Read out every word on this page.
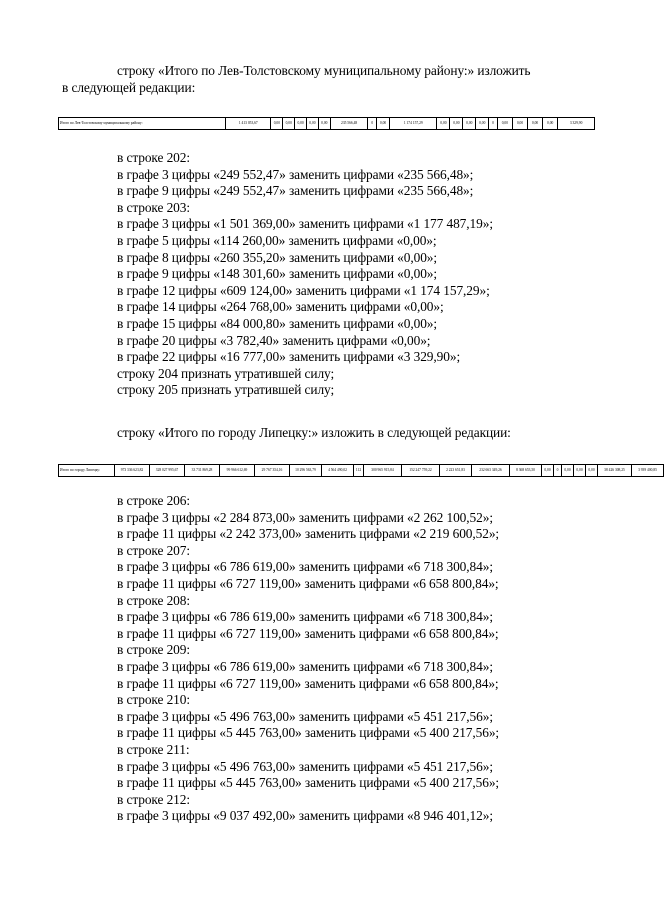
строку «Итого по Лев-Толстовскому муниципальному району:» изложить
в следующей редакции:
Итого по Лев-Толстовскому муниципальному району:	1 413 053,67	0,00	0,00	0,00	0,00	0,00	235 566,48	0	0,00	1 174 157,29	0,00	0,00	0,00	0,00	0	0,00	0,00	0,00	0,00	3 329,90
в строке 202:
в графе 3 цифры «249 552,47» заменить цифрами «235 566,48»;
в графе 9 цифры «249 552,47» заменить цифрами «235 566,48»;
в строке 203:
в графе 3 цифры «1 501 369,00» заменить цифрами «1 177 487,19»;
в графе 5 цифры «114 260,00» заменить цифрами «0,00»;
в графе 8 цифры «260 355,20» заменить цифрами «0,00»;
в графе 9 цифры «148 301,60» заменить цифрами «0,00»;
в графе 12 цифры «609 124,00» заменить цифрами «1 174 157,29»;
в графе 14 цифры «264 768,00» заменить цифрами «0,00»;
в графе 15 цифры «84 000,80» заменить цифрами «0,00»;
в графе 20 цифры «3 782,40» заменить цифрами «0,00»;
в графе 22 цифры «16 777,00» заменить цифрами «3 329,90»;
строку 204 признать утратившей силу;
строку 205 признать утратившей силу;
строку «Итого по городу Липецку:» изложить в следующей редакции:
Итого по городу Липецку:	973 336 623,82	328 027 995,67	33 731 869,28	99 966 612,69	29 767 354,16	10 296 563,79	4 564 490,02	112	300 965 915,84	152 247 759,22	2 223 651,83	232 663 349,26	8 368 653,50	0,00	0	0,00	0,00	0,00	38 426 308,25	3 939 400,85
в строке 206:
в графе 3 цифры «2 284 873,00» заменить цифрами «2 262 100,52»;
в графе 11 цифры «2 242 373,00» заменить цифрами «2 219 600,52»;
в строке 207:
в графе 3 цифры «6 786 619,00» заменить цифрами «6 718 300,84»;
в графе 11 цифры «6 727 119,00» заменить цифрами «6 658 800,84»;
в строке 208:
в графе 3 цифры «6 786 619,00» заменить цифрами «6 718 300,84»;
в графе 11 цифры «6 727 119,00» заменить цифрами «6 658 800,84»;
в строке 209:
в графе 3 цифры «6 786 619,00» заменить цифрами «6 718 300,84»;
в графе 11 цифры «6 727 119,00» заменить цифрами «6 658 800,84»;
в строке 210:
в графе 3 цифры «5 496 763,00» заменить цифрами «5 451 217,56»;
в графе 11 цифры «5 445 763,00» заменить цифрами «5 400 217,56»;
в строке 211:
в графе 3 цифры «5 496 763,00» заменить цифрами «5 451 217,56»;
в графе 11 цифры «5 445 763,00» заменить цифрами «5 400 217,56»;
в строке 212:
в графе 3 цифры «9 037 492,00» заменить цифрами «8 946 401,12»;
